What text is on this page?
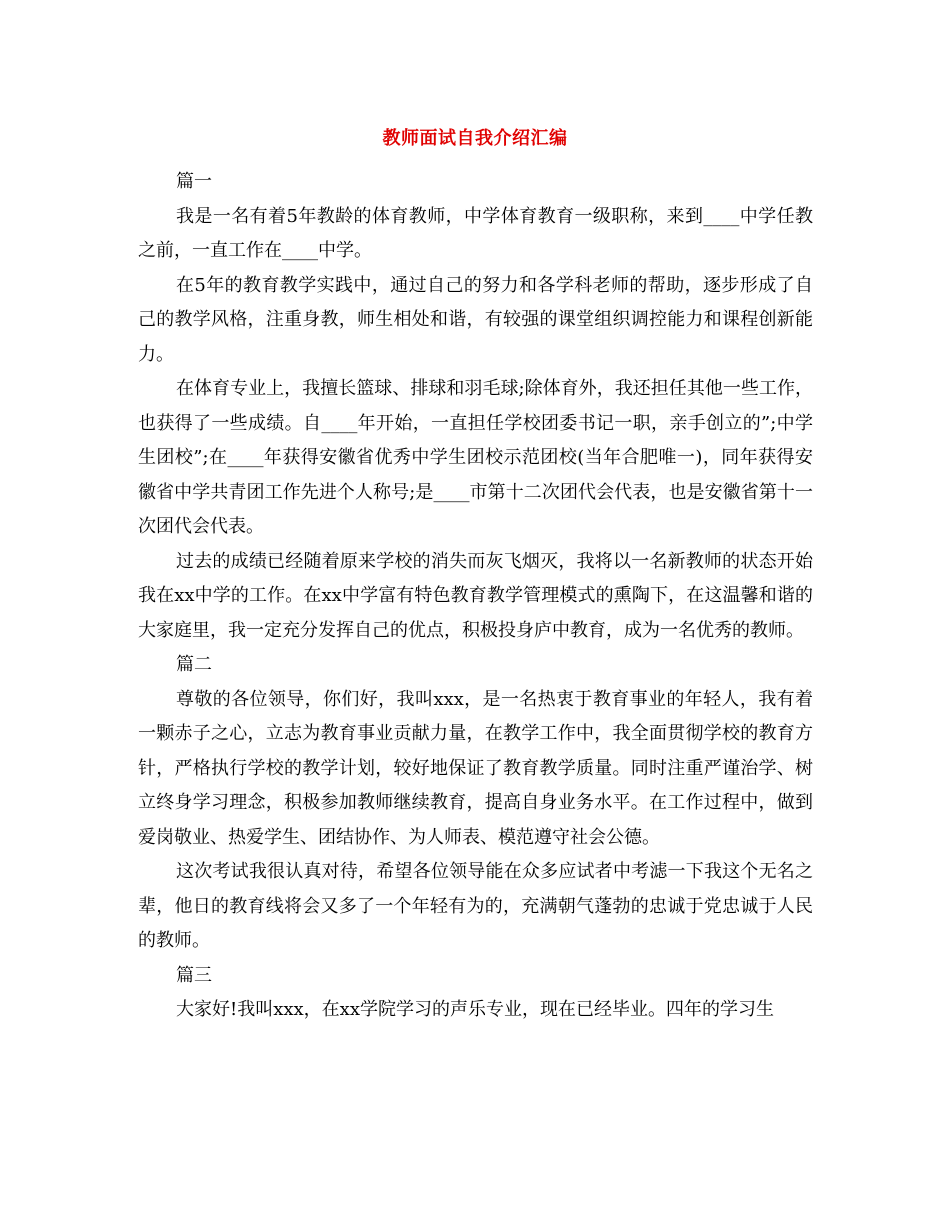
教师面试自我介绍汇编

篇一

我是一名有着5年教龄的体育教师，中学体育教育一级职称，来到____中学任教之前，一直工作在____中学。

在5年的教育教学实践中，通过自己的努力和各学科老师的帮助，逐步形成了自己的教学风格，注重身教，师生相处和谐，有较强的课堂组织调控能力和课程创新能力。

在体育专业上，我擅长篮球、排球和羽毛球;除体育外，我还担任其他一些工作，也获得了一些成绩。自____年开始，一直担任学校团委书记一职，亲手创立的”;中学生团校”;在____年获得安徽省优秀中学生团校示范团校(当年合肥唯一)，同年获得安徽省中学共青团工作先进个人称号;是____市第十二次团代会代表，也是安徽省第十一次团代会代表。

过去的成绩已经随着原来学校的消失而灰飞烟灭，我将以一名新教师的状态开始我在xx中学的工作。在xx中学富有特色教育教学管理模式的熏陶下，在这温馨和谐的大家庭里，我一定充分发挥自己的优点，积极投身庐中教育，成为一名优秀的教师。

篇二

尊敬的各位领导，你们好，我叫xxx，是一名热衷于教育事业的年轻人，我有着一颗赤子之心，立志为教育事业贡献力量，在教学工作中，我全面贯彻学校的教育方针，严格执行学校的教学计划，较好地保证了教育教学质量。同时注重严谨治学、树立终身学习理念，积极参加教师继续教育，提高自身业务水平。在工作过程中，做到爱岗敬业、热爱学生、团结协作、为人师表、模范遵守社会公德。

这次考试我很认真对待，希望各位领导能在众多应试者中考滤一下我这个无名之辈，他日的教育线将会又多了一个年轻有为的，充满朝气蓬勃的忠诚于党忠诚于人民的教师。

篇三

大家好!我叫xxx，在xx学院学习的声乐专业，现在已经毕业。四年的学习生
